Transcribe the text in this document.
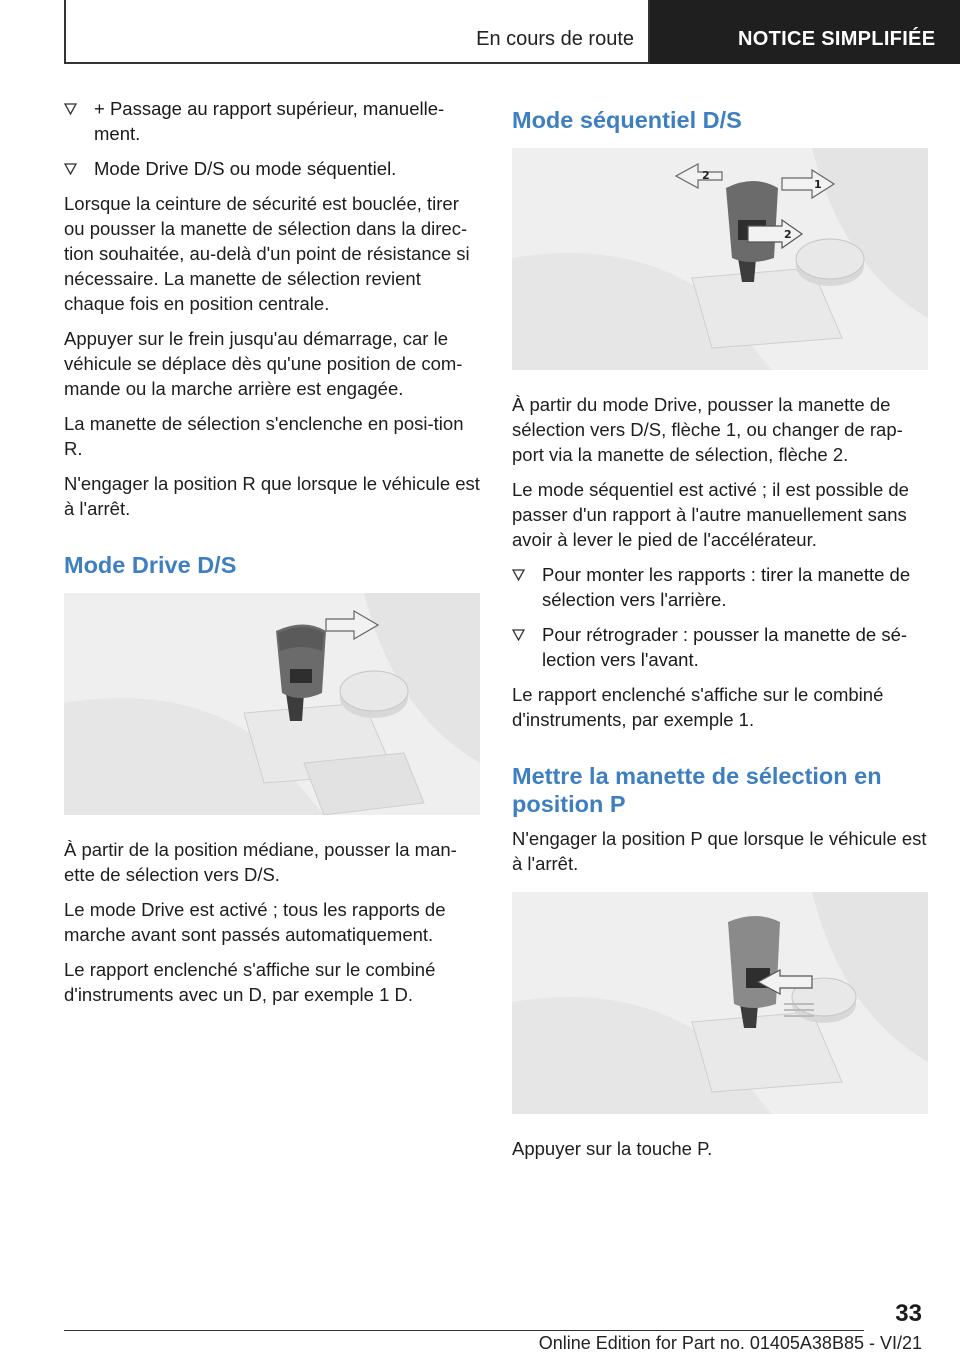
En cours de route	NOTICE SIMPLIFIÉE
+ Passage au rapport supérieur, manuelle-ment.
Mode Drive D/S ou mode séquentiel.

Lorsque la ceinture de sécurité est bouclée, tirer ou pousser la manette de sélection dans la direc-tion souhaitée, au-delà d'un point de résistance si nécessaire. La manette de sélection revient chaque fois en position centrale.

Appuyer sur le frein jusqu'au démarrage, car le véhicule se déplace dès qu'une position de com-mande ou la marche arrière est engagée.

La manette de sélection s'enclenche en posi-tion R.

N'engager la position R que lorsque le véhicule est à l'arrêt.

Mode Drive D/S

À partir de la position médiane, pousser la man-ette de sélection vers D/S.

Le mode Drive est activé ; tous les rapports de marche avant sont passés automatiquement.

Le rapport enclenché s'affiche sur le combiné d'instruments avec un D, par exemple 1 D.

Mode séquentiel D/S
2
1
2

À partir du mode Drive, pousser la manette de sélection vers D/S, flèche 1, ou changer de rap-port via la manette de sélection, flèche 2.

Le mode séquentiel est activé ; il est possible de passer d'un rapport à l'autre manuellement sans avoir à lever le pied de l'accélérateur.

Pour monter les rapports : tirer la manette de sélection vers l'arrière.
Pour rétrograder : pousser la manette de sé-lection vers l'avant.

Le rapport enclenché s'affiche sur le combiné d'instruments, par exemple 1.

Mettre la manette de sélection en position P

N'engager la position P que lorsque le véhicule est à l'arrêt.

Appuyer sur la touche P.

33
Online Edition for Part no. 01405A38B85 - VI/21
